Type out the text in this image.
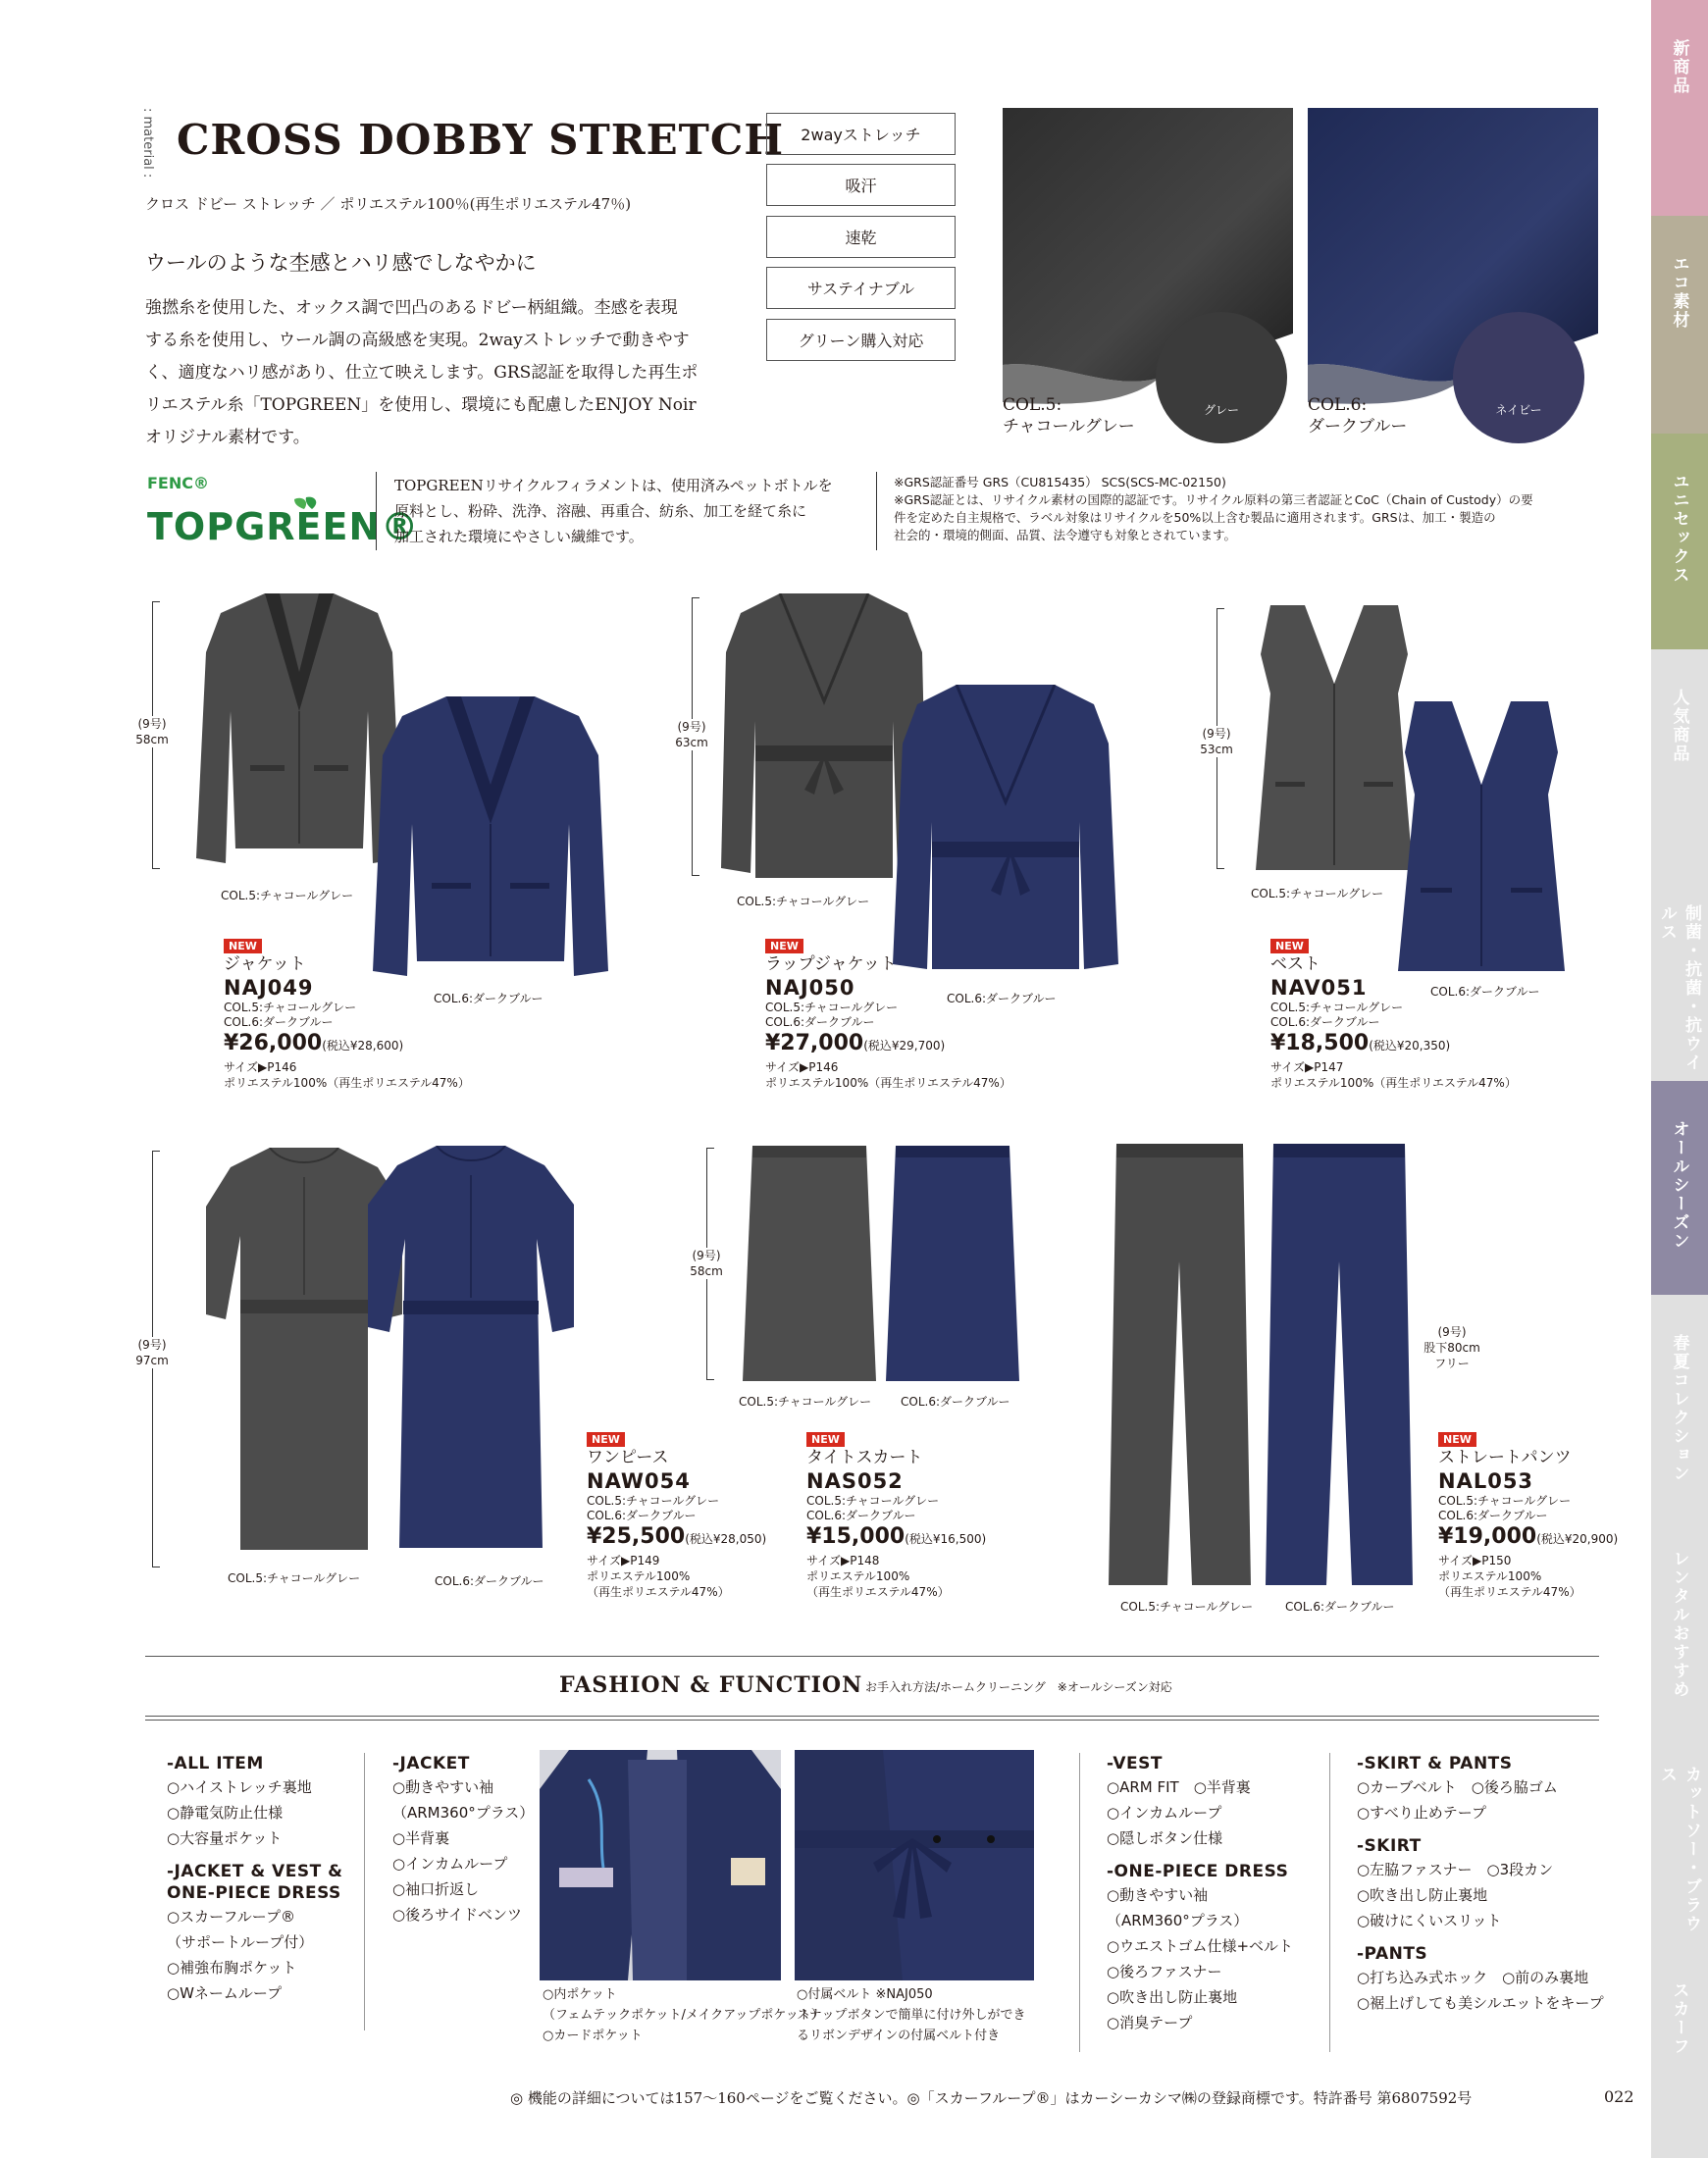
新商品
エコ素材
ユニセックス
人気商品
制菌・抗菌・抗ウイルス
オールシーズン
春夏コレクション
レンタルおすすめ
カットソー・ブラウス
スカーフ
: material : CROSS DOBBY STRETCH
クロス ドビー ストレッチ ／ ポリエステル100％(再生ポリエステル47％)
ウールのような杢感とハリ感でしなやかに
強撚糸を使用した、オックス調で凹凸のあるドビー柄組織。杢感を表現
する糸を使用し、ウール調の高級感を実現。2wayストレッチで動きやす
く、適度なハリ感があり、仕立て映えします。GRS認証を取得した再生ポ
リエステル糸「TOPGREEN」を使用し、環境にも配慮したENJOY Noir
オリジナル素材です。
2wayストレッチ
吸汗
速乾
サステイナブル
グリーン購入対応
グレー
COL.5:
チャコールグレー
ネイビー
COL.6:
ダークブルー
FENC®
TOPGREEN®
TOPGREENリサイクルフィラメントは、使用済みペットボトルを
原料とし、粉砕、洗浄、溶融、再重合、紡糸、加工を経て糸に
加工された環境にやさしい繊維です。
※GRS認証番号 GRS（CU815435） SCS(SCS-MC-02150)
※GRS認証とは、リサイクル素材の国際的認証です。リサイクル原料の第三者認証とCoC（Chain of Custody）の要
件を定めた自主規格で、ラベル対象はリサイクルを50%以上含む製品に適用されます。GRSは、加工・製造の
社会的・環境的側面、品質、法令遵守も対象とされています。
(9号)
58cm
COL.5:チャコールグレー
COL.6:ダークブルー
NEW
ジャケット
NAJ049
COL.5:チャコールグレー
COL.6:ダークブルー
¥26,000(税込¥28,600)
サイズ▶P146
ポリエステル100%（再生ポリエステル47%）
(9号)
63cm
COL.5:チャコールグレー
COL.6:ダークブルー
NEW
ラップジャケット
NAJ050
COL.5:チャコールグレー
COL.6:ダークブルー
¥27,000(税込¥29,700)
サイズ▶P146
ポリエステル100%（再生ポリエステル47%）
(9号)
53cm
COL.5:チャコールグレー
COL.6:ダークブルー
NEW
ベスト
NAV051
COL.5:チャコールグレー
COL.6:ダークブルー
¥18,500(税込¥20,350)
サイズ▶P147
ポリエステル100%（再生ポリエステル47%）
(9号)
97cm
COL.5:チャコールグレー	COL.6:ダークブルー
NEW
ワンピース
NAW054
COL.5:チャコールグレー
COL.6:ダークブルー
¥25,500(税込¥28,050)
サイズ▶P149
ポリエステル100%
（再生ポリエステル47%）
(9号)
58cm
COL.5:チャコールグレー COL.6:ダークブルー
NEW
タイトスカート
NAS052
COL.5:チャコールグレー
COL.6:ダークブルー
¥15,000(税込¥16,500)
サイズ▶P148
ポリエステル100%
（再生ポリエステル47%）
(9号)
股下80cm
フリー
COL.5:チャコールグレー	COL.6:ダークブルー
NEW
ストレートパンツ
NAL053
COL.5:チャコールグレー
COL.6:ダークブルー
¥19,000(税込¥20,900)
サイズ▶P150
ポリエステル100%
（再生ポリエステル47%）
FASHION & FUNCTION お手入れ方法/ホームクリーニング　※オールシーズン対応
-ALL ITEM
○ハイストレッチ裏地
○静電気防止仕様
○大容量ポケット
-JACKET & VEST &
ONE-PIECE DRESS
○スカーフループ®
（サポートループ付）
○補強布胸ポケット
○Wネームループ
-JACKET
○動きやすい袖
（ARM360°プラス）
○半背裏
○インカムループ
○袖口折返し
○後ろサイドベンツ
○内ポケット
（フェムテックポケット/メイクアップポケット）
○カードポケット
○付属ベルト ※NAJ050
スナップボタンで簡単に付け外しができ
るリボンデザインの付属ベルト付き
-VEST
○ARM FIT　○半背裏
○インカムループ
○隠しボタン仕様
-ONE-PIECE DRESS
○動きやすい袖
（ARM360°プラス）
○ウエストゴム仕様+ベルト
○後ろファスナー
○吹き出し防止裏地
○消臭テープ
-SKIRT & PANTS
○カーブベルト　○後ろ脇ゴム
○すべり止めテープ
-SKIRT
○左脇ファスナー　○3段カン
○吹き出し防止裏地
○破けにくいスリット
-PANTS
○打ち込み式ホック　○前のみ裏地
○裾上げしても美シルエットをキープ
◎ 機能の詳細については157～160ページをご覧ください。◎「スカーフループ®」はカーシーカシマ㈱の登録商標です。特許番号 第6807592号	022
